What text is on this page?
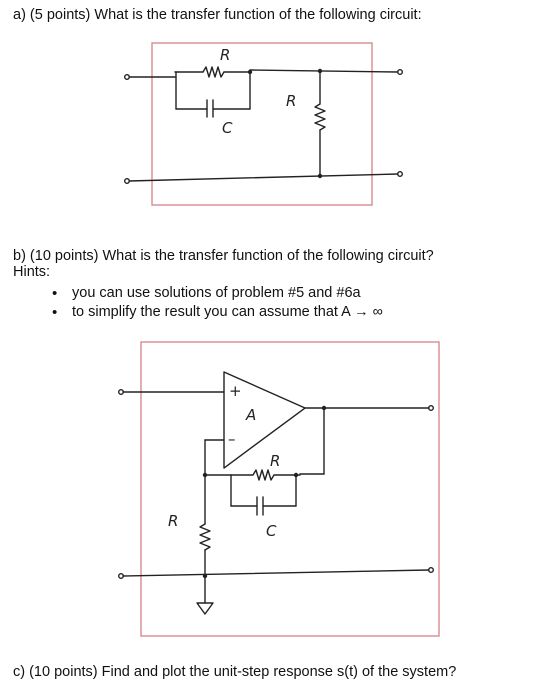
a) (5 points) What is the transfer function of the following circuit:
R
C
R
+
–
A
R
C
R
b) (10 points) What is the transfer function of the following circuit?
Hints:
• you can use solutions of problem #5 and #6a
• to simplify the result you can assume that A → ∞
c) (10 points) Find and plot the unit-step response s(t) of the system?
